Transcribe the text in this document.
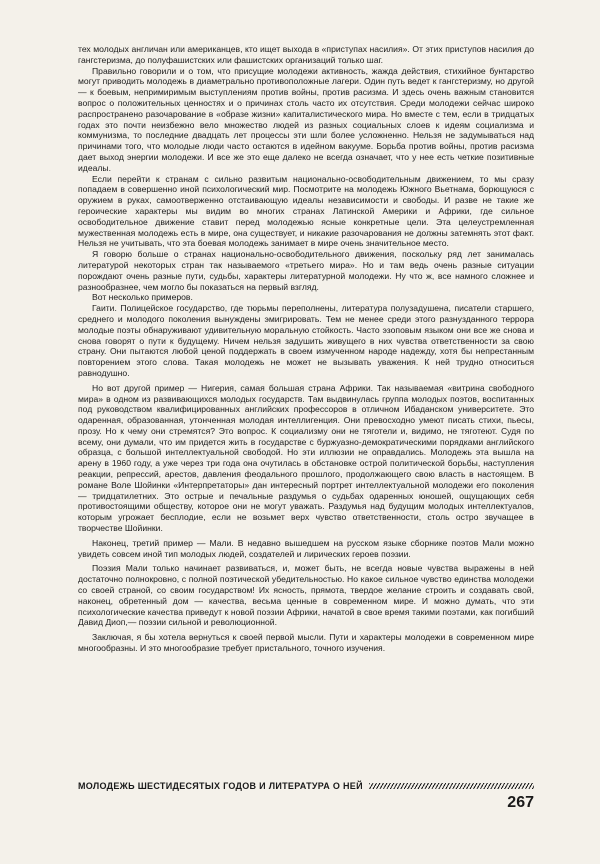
тех молодых англичан или американцев, кто ищет выхода в «приступах насилия». От этих приступов насилия до гангстеризма, до полуфашистских или фашистских организаций только шаг.

Правильно говорили и о том, что присущие молодежи активность, жажда действия, стихийное бунтарство могут приводить молодежь в диаметрально противоположные лагери. Один путь ведет к гангстеризму, но другой — к боевым, непримиримым выступлениям против войны, против расизма. И здесь очень важным становится вопрос о положительных ценностях и о причинах столь часто их отсутствия. Среди молодежи сейчас широко распространено разочарование в «образе жизни» капиталистического мира. Но вместе с тем, если в тридцатых годах это почти неизбежно вело множество людей из разных социальных слоев к идеям социализма и коммунизма, то последние двадцать лет процессы эти шли более усложненно. Нельзя не задумываться над причинами того, что молодые люди часто остаются в идейном вакууме. Борьба против войны, против расизма дает выход энергии молодежи. И все же это еще далеко не всегда означает, что у нее есть четкие позитивные идеалы.

Если перейти к странам с сильно развитым национально-освободительным движением, то мы сразу попадаем в совершенно иной психологический мир. Посмотрите на молодежь Южного Вьетнама, борющуюся с оружием в руках, самоотверженно отстаивающую идеалы независимости и свободы. И разве не такие же героические характеры мы видим во многих странах Латинской Америки и Африки, где сильное освободительное движение ставит перед молодежью ясные конкретные цели. Эта целеустремленная мужественная молодежь есть в мире, она существует, и никакие разочарования не должны затемнять этот факт. Нельзя не учитывать, что эта боевая молодежь занимает в мире очень значительное место.

Я говорю больше о странах национально-освободительного движения, поскольку ряд лет занималась литературой некоторых стран так называемого «третьего мира». Но и там ведь очень разные ситуации порождают очень разные пути, судьбы, характеры литературной молодежи. Ну что ж, все намного сложнее и разнообразнее, чем могло бы показаться на первый взгляд.

Вот несколько примеров.

Гаити. Полицейское государство, где тюрьмы переполнены, литература полузадушена, писатели старшего, среднего и молодого поколения вынуждены эмигрировать. Тем не менее среди этого разнузданного террора молодые поэты обнаруживают удивительную моральную стойкость. Часто эзоповым языком они все же снова и снова говорят о пути к будущему. Ничем нельзя задушить живущего в них чувства ответственности за свою страну. Они пытаются любой ценой поддержать в своем измученном народе надежду, хотя бы непрестанным повторением этого слова. Такая молодежь не может не вызывать уважения. К ней трудно относиться равнодушно.

Но вот другой пример — Нигерия, самая большая страна Африки. Так называемая «витрина свободного мира» в одном из развивающихся молодых государств. Там выдвинулась группа молодых поэтов, воспитанных под руководством квалифицированных английских профессоров в отличном Ибаданском университете. Это одаренная, образованная, утонченная молодая интеллигенция. Они превосходно умеют писать стихи, пьесы, прозу. Но к чему они стремятся? Это вопрос. К социализму они не тяготели и, видимо, не тяготеют. Судя по всему, они думали, что им придется жить в государстве с буржуазно-демократическими порядками английского образца, с большой интеллектуальной свободой. Но эти иллюзии не оправдались. Молодежь эта вышла на арену в 1960 году, а уже через три года она очутилась в обстановке острой политической борьбы, наступления реакции, репрессий, арестов, давления феодального прошлого, продолжающего свою власть в настоящем. В романе Воле Шойинки «Интерпретаторы» дан интересный портрет интеллектуальной молодежи его поколения — тридцатилетних. Это острые и печальные раздумья о судьбах одаренных юношей, ощущающих себя противостоящими обществу, которое они не могут уважать. Раздумья над будущим молодых интеллектуалов, которым угрожает бесплодие, если не возьмет верх чувство ответственности, столь остро звучащее в творчестве Шойинки.

Наконец, третий пример — Мали. В недавно вышедшем на русском языке сборнике поэтов Мали можно увидеть совсем иной тип молодых людей, создателей и лирических героев поэзии.

Поэзия Мали только начинает развиваться, и, может быть, не всегда новые чувства выражены в ней достаточно полнокровно, с полной поэтической убедительностью. Но какое сильное чувство единства молодежи со своей страной, со своим государством! Их ясность, прямота, твердое желание строить и создавать свой, наконец, обретенный дом — качества, весьма ценные в современном мире. И можно думать, что эти психологические качества приведут к новой поэзии Африки, начатой в свое время такими поэтами, как погибший Давид Диоп,— поэзии сильной и революционной.

Заключая, я бы хотела вернуться к своей первой мысли. Пути и характеры молодежи в современном мире многообразны. И это многообразие требует пристального, точного изучения.

МОЛОДЕЖЬ ШЕСТИДЕСЯТЫХ ГОДОВ И ЛИТЕРАТУРА О НЕЙ
267
